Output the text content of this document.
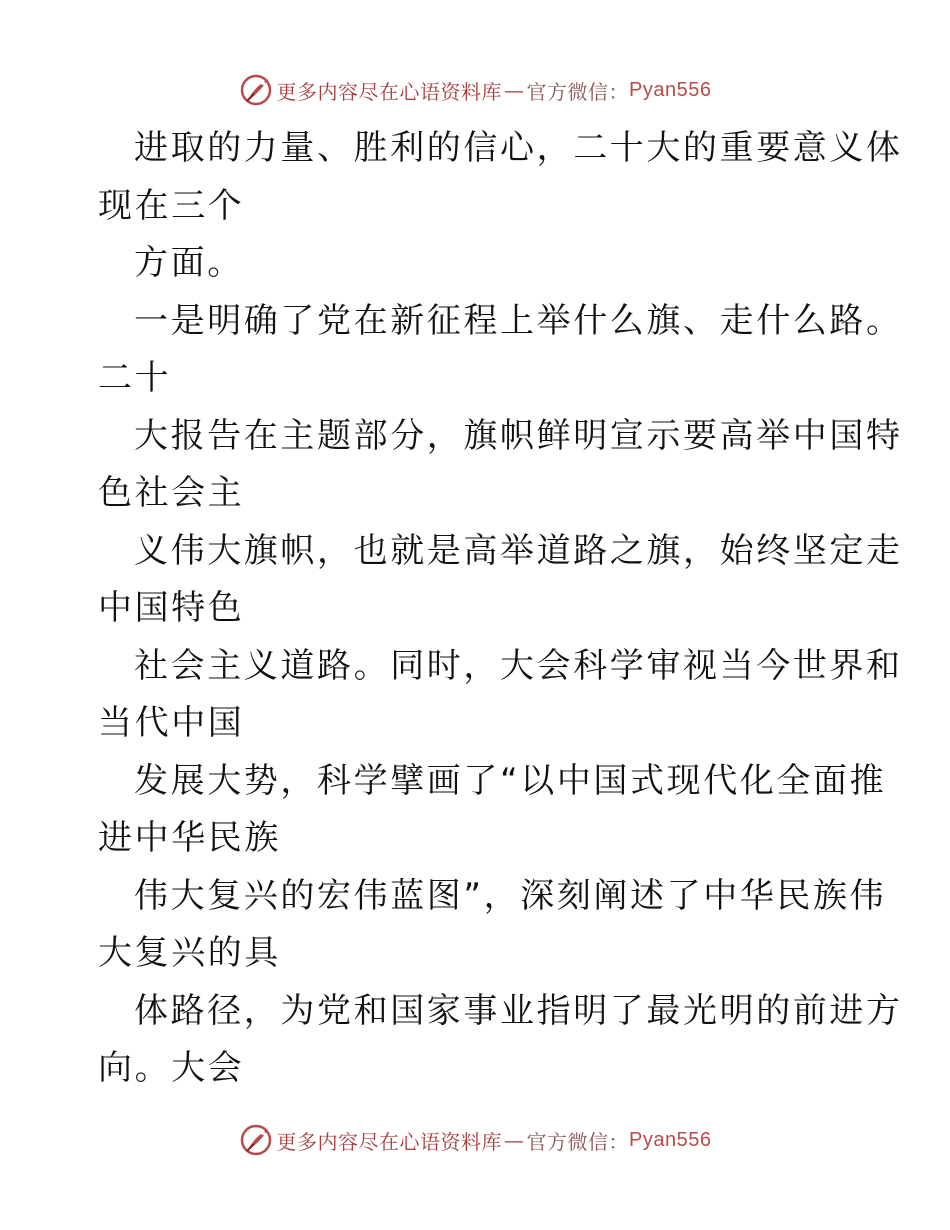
更多内容尽在心语资料库 — 官方微信： Pyan556
进取的力量、胜利的信心，二十大的重要意义体
现在三个
方面。
一是明确了党在新征程上举什么旗、走什么路。
二十
大报告在主题部分，旗帜鲜明宣示要高举中国特
色社会主
义伟大旗帜，也就是高举道路之旗，始终坚定走
中国特色
社会主义道路。同时，大会科学审视当今世界和
当代中国
发展大势，科学擘画了“以中国式现代化全面推
进中华民族
伟大复兴的宏伟蓝图”，深刻阐述了中华民族伟
大复兴的具
体路径，为党和国家事业指明了最光明的前进方
向。大会
更多内容尽在心语资料库 — 官方微信： Pyan556
